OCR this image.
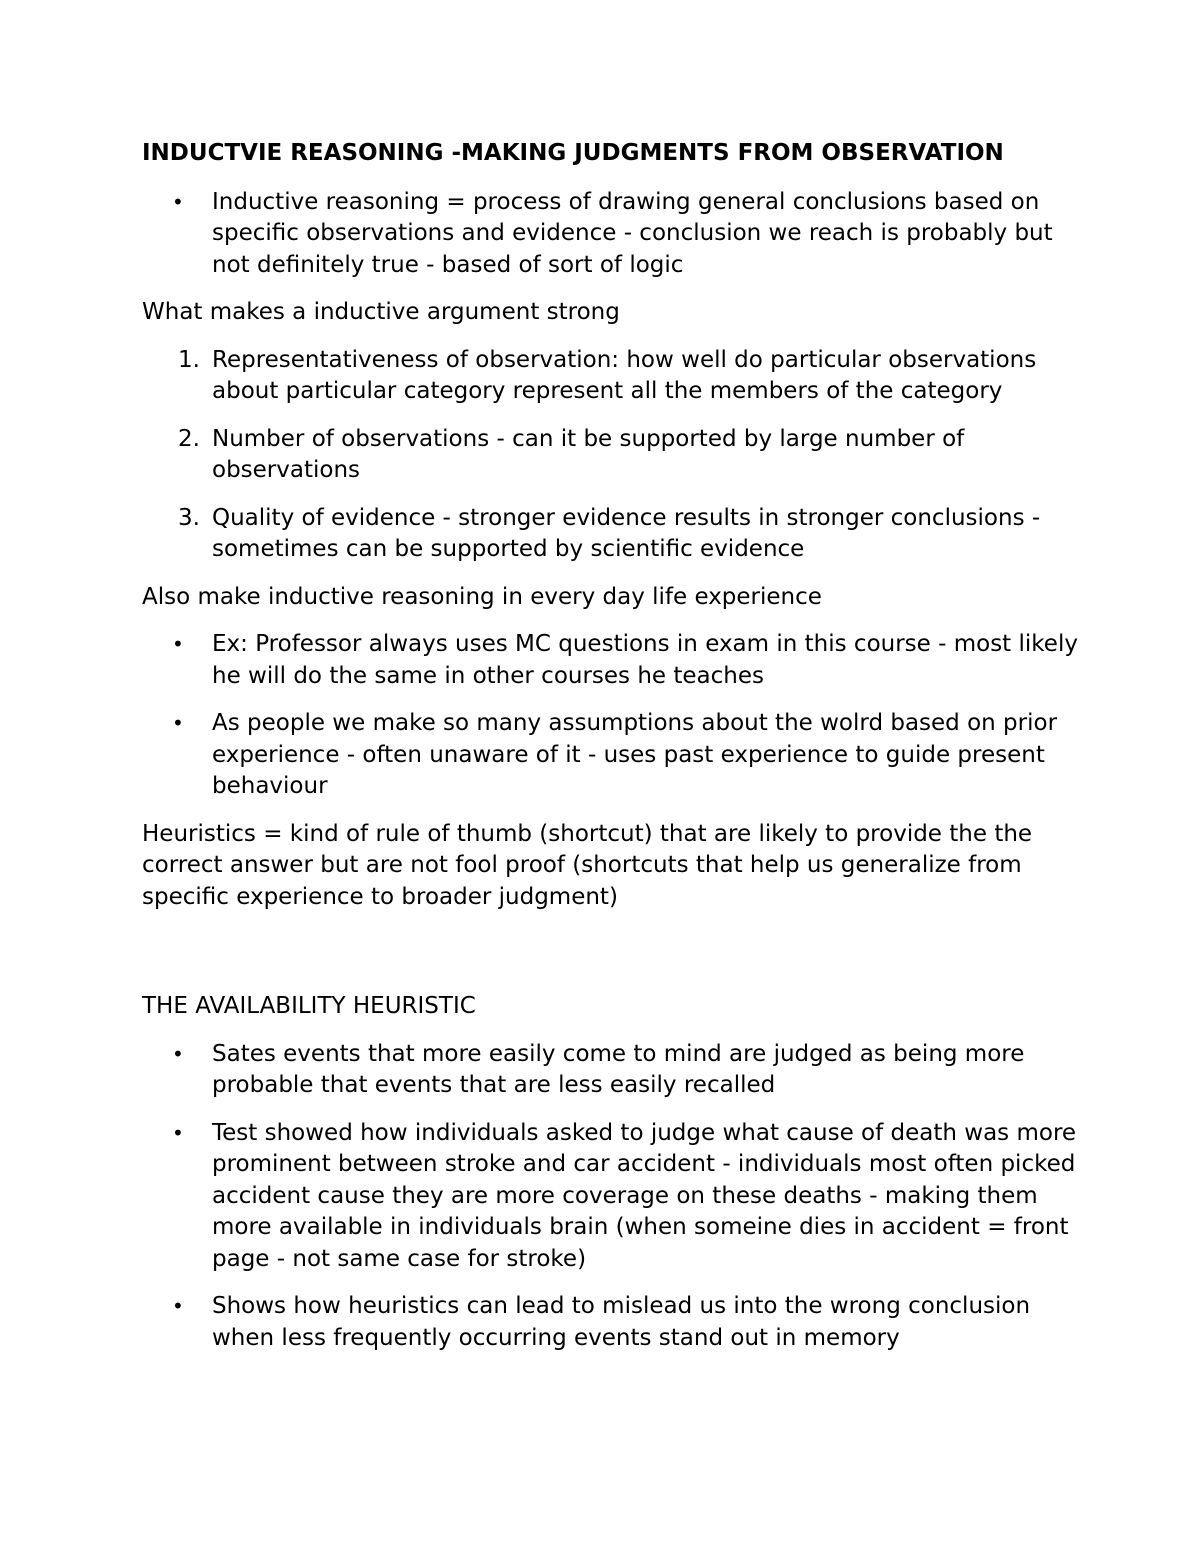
INDUCTVIE REASONING -MAKING JUDGMENTS FROM OBSERVATION
• Inductive reasoning = process of drawing general conclusions based on specific observations and evidence - conclusion we reach is probably but not definitely true - based of sort of logic
What makes a inductive argument strong
1. Representativeness of observation: how well do particular observations about particular category represent all the members of the category
2. Number of observations - can it be supported by large number of observations
3. Quality of evidence - stronger evidence results in stronger conclusions - sometimes can be supported by scientific evidence
Also make inductive reasoning in every day life experience
• Ex: Professor always uses MC questions in exam in this course - most likely he will do the same in other courses he teaches
• As people we make so many assumptions about the wolrd based on prior experience - often unaware of it - uses past experience to guide present behaviour
Heuristics = kind of rule of thumb (shortcut) that are likely to provide the the correct answer but are not fool proof (shortcuts that help us generalize from specific experience to broader judgment)
THE AVAILABILITY HEURISTIC
• Sates events that more easily come to mind are judged as being more probable that events that are less easily recalled
• Test showed how individuals asked to judge what cause of death was more prominent between stroke and car accident - individuals most often picked accident cause they are more coverage on these deaths - making them more available in individuals brain (when someine dies in accident = front page - not same case for stroke)
• Shows how heuristics can lead to mislead us into the wrong conclusion when less frequently occurring events stand out in memory
